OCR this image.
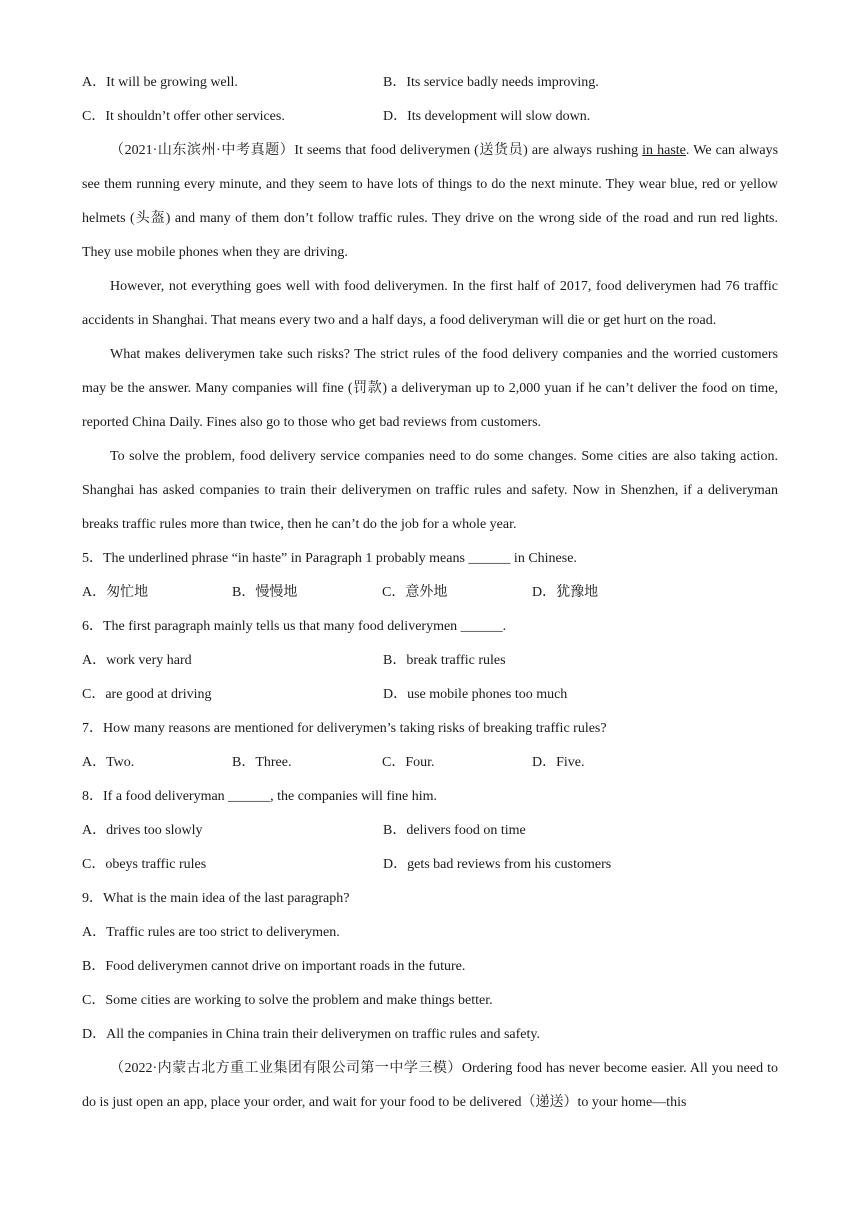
A．It will be growing well.	B．Its service badly needs improving.
C．It shouldn’t offer other services.	D．Its development will slow down.
（2021·山东滨州·中考真题）It seems that food deliverymen (送货员) are always rushing in haste. We can always see them running every minute, and they seem to have lots of things to do the next minute. They wear blue, red or yellow helmets (头盔) and many of them don’t follow traffic rules. They drive on the wrong side of the road and run red lights. They use mobile phones when they are driving.
However, not everything goes well with food deliverymen. In the first half of 2017, food deliverymen had 76 traffic accidents in Shanghai. That means every two and a half days, a food deliveryman will die or get hurt on the road.
What makes deliverymen take such risks? The strict rules of the food delivery companies and the worried customers may be the answer. Many companies will fine (罚款) a deliveryman up to 2,000 yuan if he can’t deliver the food on time, reported China Daily. Fines also go to those who get bad reviews from customers.
To solve the problem, food delivery service companies need to do some changes. Some cities are also taking action. Shanghai has asked companies to train their deliverymen on traffic rules and safety. Now in Shenzhen, if a deliveryman breaks traffic rules more than twice, then he can’t do the job for a whole year.
5．The underlined phrase “in haste” in Paragraph 1 probably means ______ in Chinese.
A．匆忙地	B．慢慢地	C．意外地	D．犹豫地
6．The first paragraph mainly tells us that many food deliverymen ______.
A．work very hard	B．break traffic rules
C．are good at driving	D．use mobile phones too much
7．How many reasons are mentioned for deliverymen’s taking risks of breaking traffic rules?
A．Two.	B．Three.	C．Four.	D．Five.
8．If a food deliveryman ______, the companies will fine him.
A．drives too slowly	B．delivers food on time
C．obeys traffic rules	D．gets bad reviews from his customers
9．What is the main idea of the last paragraph?
A．Traffic rules are too strict to deliverymen.
B．Food deliverymen cannot drive on important roads in the future.
C．Some cities are working to solve the problem and make things better.
D．All the companies in China train their deliverymen on traffic rules and safety.
（2022·内蒙古北方重工业集团有限公司第一中学三模）Ordering food has never become easier. All you need to do is just open an app, place your order, and wait for your food to be delivered（递送）to your home—this
